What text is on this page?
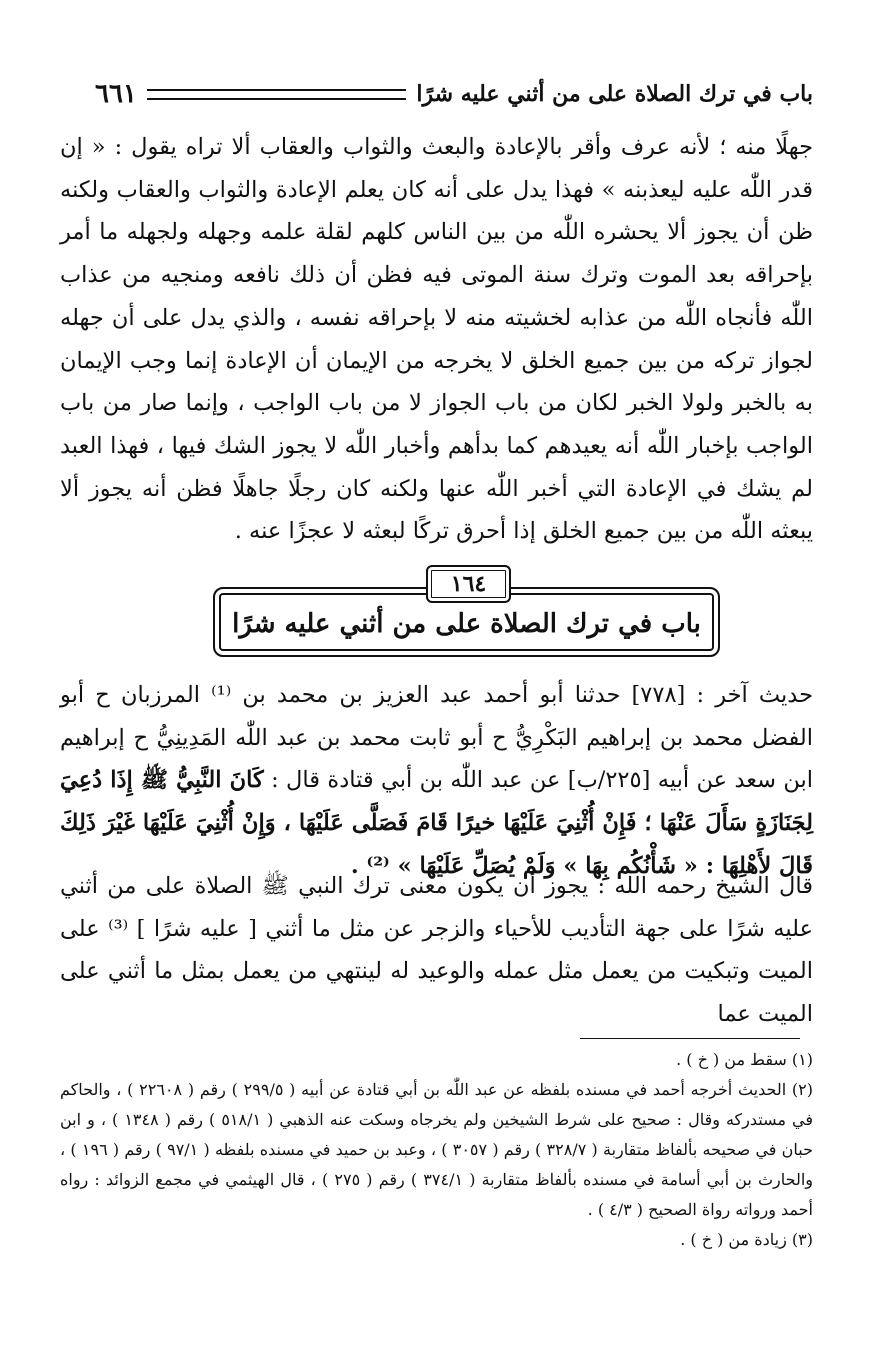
باب في ترك الصلاة على من أثني عليه شرًا
٦٦١

جهلًا منه ؛ لأنه عرف وأقر بالإعادة والبعث والثواب والعقاب ألا تراه يقول : « إن قدر اللّٰه عليه ليعذبنه » فهذا يدل على أنه كان يعلم الإعادة والثواب والعقاب ولكنه ظن أن يجوز ألا يحشره اللّٰه من بين الناس كلهم لقلة علمه وجهله ولجهله ما أمر بإحراقه بعد الموت وترك سنة الموتى فيه فظن أن ذلك نافعه ومنجيه من عذاب اللّٰه فأنجاه اللّٰه من عذابه لخشيته منه لا بإحراقه نفسه ، والذي يدل على أن جهله لجواز تركه من بين جميع الخلق لا يخرجه من الإيمان أن الإعادة إنما وجب الإيمان به بالخبر ولولا الخبر لكان من باب الجواز لا من باب الواجب ، وإنما صار من باب الواجب بإخبار اللّٰه أنه يعيدهم كما بدأهم وأخبار اللّٰه لا يجوز الشك فيها ، فهذا العبد لم يشك في الإعادة التي أخبر اللّٰه عنها ولكنه كان رجلًا جاهلًا فظن أنه يجوز ألا يبعثه اللّٰه من بين جميع الخلق إذا أحرق تركًا لبعثه لا عجزًا عنه .

باب في ترك الصلاة على من أثني عليه شرًا
١٦٤

حديث آخر : [٧٧٨] حدثنا أبو أحمد عبد العزيز بن محمد بن ⁽¹⁾ المرزبان ح أبو الفضل محمد بن إبراهيم البَكْرِيُّ ح أبو ثابت محمد بن عبد اللّٰه المَدِينِيُّ ح إبراهيم ابن سعد عن أبيه [٢٢٥/ب] عن عبد اللّٰه بن أبي قتادة قال : كَانَ النَّبِيُّ ﷺ إِذَا دُعِيَ لِجَنَازَةٍ سَأَلَ عَنْهَا ؛ فَإِنْ أُثْنِيَ عَلَيْهَا خيرًا قَامَ فَصَلَّى عَلَيْهَا ، وَإِنْ أُثْنِيَ عَلَيْهَا غَيْرَ ذَلِكَ قَالَ لأَهْلِهَا : « شَأْنُكُم بِهَا » وَلَمْ يُصَلِّ عَلَيْهَا » ⁽²⁾ .

قال الشيخ رحمه الله : يجوز أن يكون معنى ترك النبي ﷺ الصلاة على من أثني عليه شرًا على جهة التأديب للأحياء والزجر عن مثل ما أثني [ عليه شرًا ] ⁽³⁾ على الميت وتبكيت من يعمل مثل عمله والوعيد له لينتهي من يعمل بمثل ما أثني على الميت عما

(١) سقط من ( خ ) .

(٢) الحديث أخرجه أحمد في مسنده بلفظه عن عبد اللّٰه بن أبي قتادة عن أبيه ( ٢٩٩/٥ ) رقم ( ٢٢٦٠٨ ) ، والحاكم في مستدركه وقال : صحيح على شرط الشيخين ولم يخرجاه وسكت عنه الذهبي ( ٥١٨/١ ) رقم ( ١٣٤٨ ) ، و ابن حبان في صحيحه بألفاظ متقاربة ( ٣٢٨/٧ ) رقم ( ٣٠٥٧ ) ، وعبد بن حميد في مسنده بلفظه ( ٩٧/١ ) رقم ( ١٩٦ ) ، والحارث بن أبي أسامة في مسنده بألفاظ متقاربة ( ٣٧٤/١ ) رقم ( ٢٧٥ ) ، قال الهيثمي في مجمع الزوائد : رواه أحمد ورواته رواة الصحيح ( ٤/٣ ) .

(٣) زيادة من ( خ ) .
